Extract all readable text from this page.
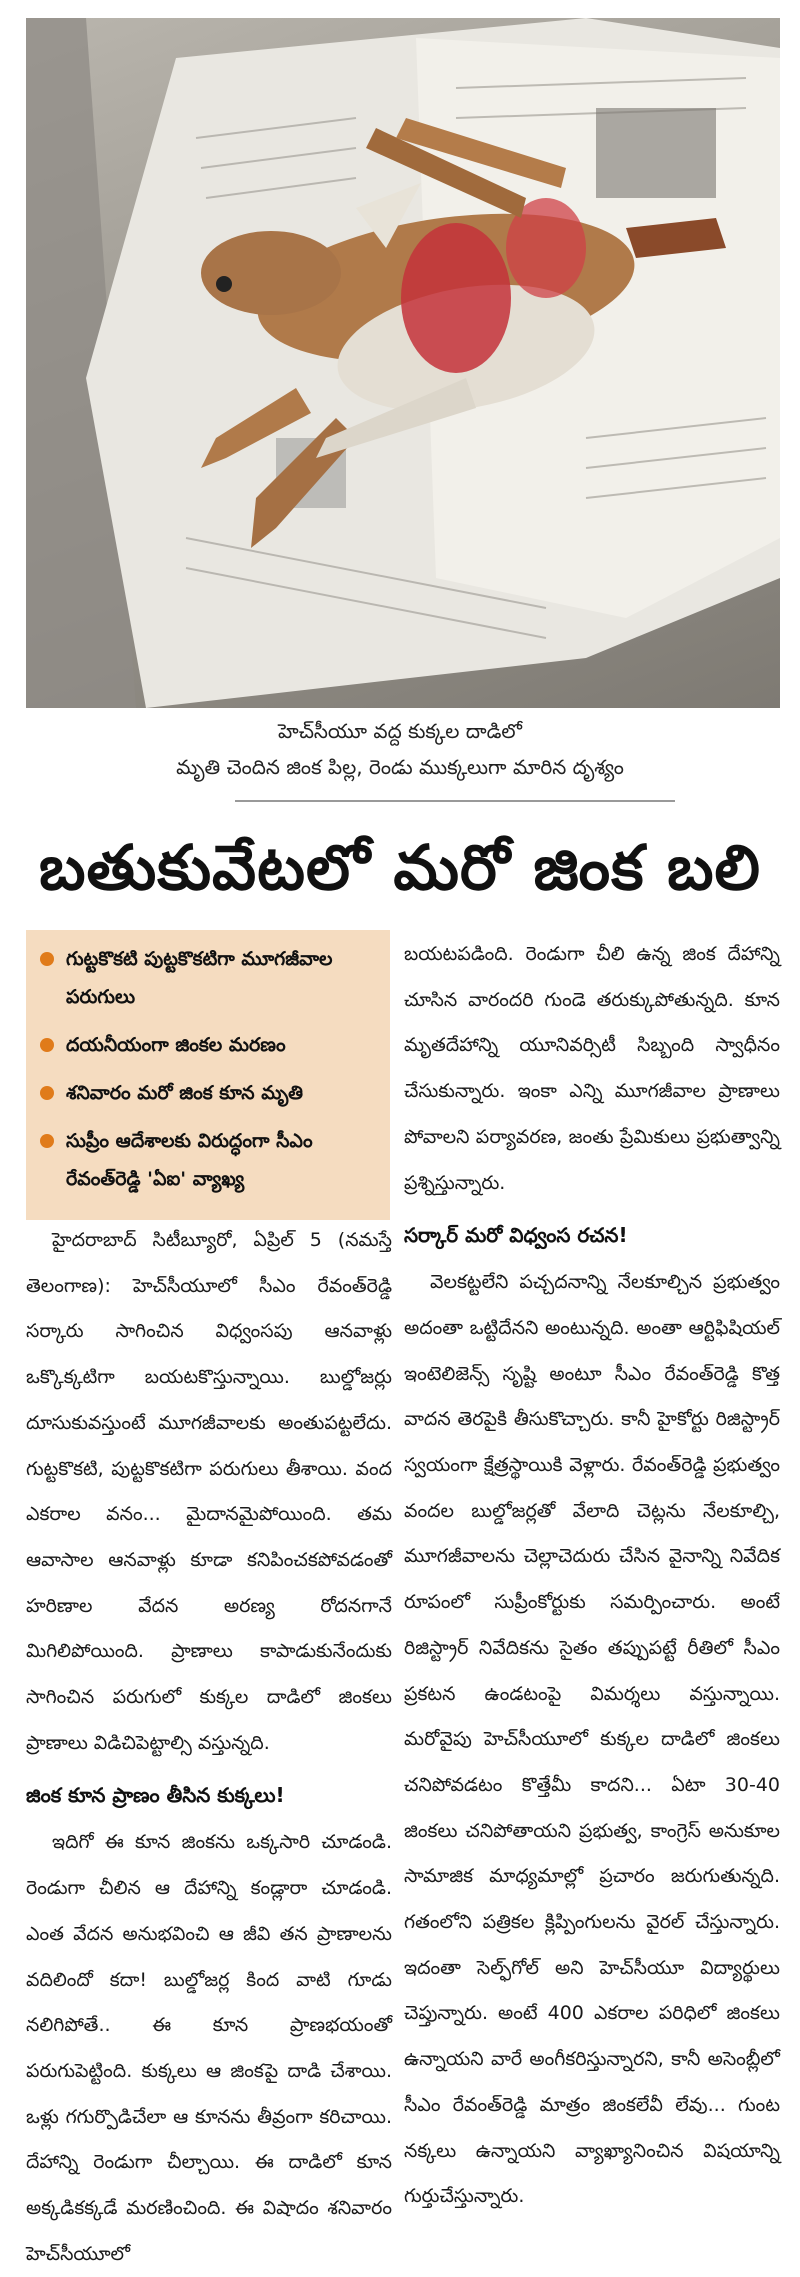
హెచ్‌సీయూ వద్ద కుక్కల దాడిలో
మృతి చెందిన జింక పిల్ల, రెండు ముక్కలుగా మారిన దృశ్యం
బతుకువేటలో మరో జింక బలి
గుట్టకొకటి పుట్టకొకటిగా మూగజీవాల పరుగులు
దయనీయంగా జింకల మరణం
శనివారం మరో జింక కూన మృతి
సుప్రీం ఆదేశాలకు విరుద్ధంగా సీఎం రేవంత్‌రెడ్డి 'ఏఐ' వ్యాఖ్య

హైదరాబాద్ సిటీబ్యూరో, ఏప్రిల్ 5 (నమస్తే తెలంగాణ): హెచ్‌సీయూలో సీఎం రేవంత్‌రెడ్డి సర్కారు సాగించిన విధ్వంసపు ఆనవాళ్లు ఒక్కొక్కటిగా బయటకొస్తున్నాయి. బుల్డోజర్లు దూసుకువస్తుంటే మూగజీవాలకు అంతుపట్టలేదు. గుట్టకొకటి, పుట్టకొకటిగా పరుగులు తీశాయి. వంద ఎకరాల వనం... మైదానమైపోయింది. తమ ఆవాసాల ఆనవాళ్లు కూడా కనిపించకపోవడంతో హరిణాల వేదన అరణ్య రోదనగానే మిగిలిపోయింది. ప్రాణాలు కాపాడుకునేందుకు సాగించిన పరుగులో కుక్కల దాడిలో జింకలు ప్రాణాలు విడిచిపెట్టాల్సి వస్తున్నది.

జింక కూన ప్రాణం తీసిన కుక్కలు!

ఇదిగో ఈ కూన జింకను ఒక్కసారి చూడండి. రెండుగా చీలిన ఆ దేహాన్ని కండ్లారా చూడండి. ఎంత వేదన అనుభవించి ఆ జీవి తన ప్రాణాలను వదిలిందో కదా! బుల్డోజర్ల కింద వాటి గూడు నలిగిపోతే.. ఈ కూన ప్రాణభయంతో పరుగుపెట్టింది. కుక్కలు ఆ జింకపై దాడి చేశాయి. ఒళ్లు గగుర్పొడిచేలా ఆ కూనను తీవ్రంగా కరిచాయి. దేహాన్ని రెండుగా చీల్చాయి. ఈ దాడిలో కూన అక్కడికక్కడే మరణించింది. ఈ విషాదం శనివారం హెచ్‌సీయూలో

బయటపడింది. రెండుగా చీలి ఉన్న జింక దేహాన్ని చూసిన వారందరి గుండె తరుక్కుపోతున్నది. కూన మృతదేహాన్ని యూనివర్సిటీ సిబ్బంది స్వాధీనం చేసుకున్నారు. ఇంకా ఎన్ని మూగజీవాల ప్రాణాలు పోవాలని పర్యావరణ, జంతు ప్రేమికులు ప్రభుత్వాన్ని ప్రశ్నిస్తున్నారు.

సర్కార్ మరో విధ్వంస రచన!

వెలకట్టలేని పచ్చదనాన్ని నేలకూల్చిన ప్రభుత్వం అదంతా ఒట్టిదేనని అంటున్నది. అంతా ఆర్టిఫిషియల్ ఇంటెలిజెన్స్ సృష్టి అంటూ సీఎం రేవంత్‌రెడ్డి కొత్త వాదన తెరపైకి తీసుకొచ్చారు. కానీ హైకోర్టు రిజిస్ట్రార్ స్వయంగా క్షేత్రస్థాయికి వెళ్లారు. రేవంత్‌రెడ్డి ప్రభుత్వం వందల బుల్డోజర్లతో వేలాది చెట్లను నేలకూల్చి, మూగజీవాలను చెల్లాచెదురు చేసిన వైనాన్ని నివేదిక రూపంలో సుప్రీంకోర్టుకు సమర్పించారు. అంటే రిజిస్ట్రార్ నివేదికను సైతం తప్పుపట్టే రీతిలో సీఎం ప్రకటన ఉండటంపై విమర్శలు వస్తున్నాయి. మరోవైపు హెచ్‌సీయూలో కుక్కల దాడిలో జింకలు చనిపోవడటం కొత్తేమీ కాదని... ఏటా 30-40 జింకలు చనిపోతాయని ప్రభుత్వ, కాంగ్రెస్ అనుకూల సామాజిక మాధ్యమాల్లో ప్రచారం జరుగుతున్నది. గతంలోని పత్రికల క్లిప్పింగులను వైరల్ చేస్తున్నారు. ఇదంతా సెల్ఫ్‌గోల్ అని హెచ్‌సీయూ విద్యార్థులు చెప్తున్నారు. అంటే 400 ఎకరాల పరిధిలో జింకలు ఉన్నాయని వారే అంగీకరిస్తున్నారని, కానీ అసెంబ్లీలో సీఎం రేవంత్‌రెడ్డి మాత్రం జింకలేవీ లేవు... గుంట నక్కలు ఉన్నాయని వ్యాఖ్యానించిన విషయాన్ని గుర్తుచేస్తున్నారు.
